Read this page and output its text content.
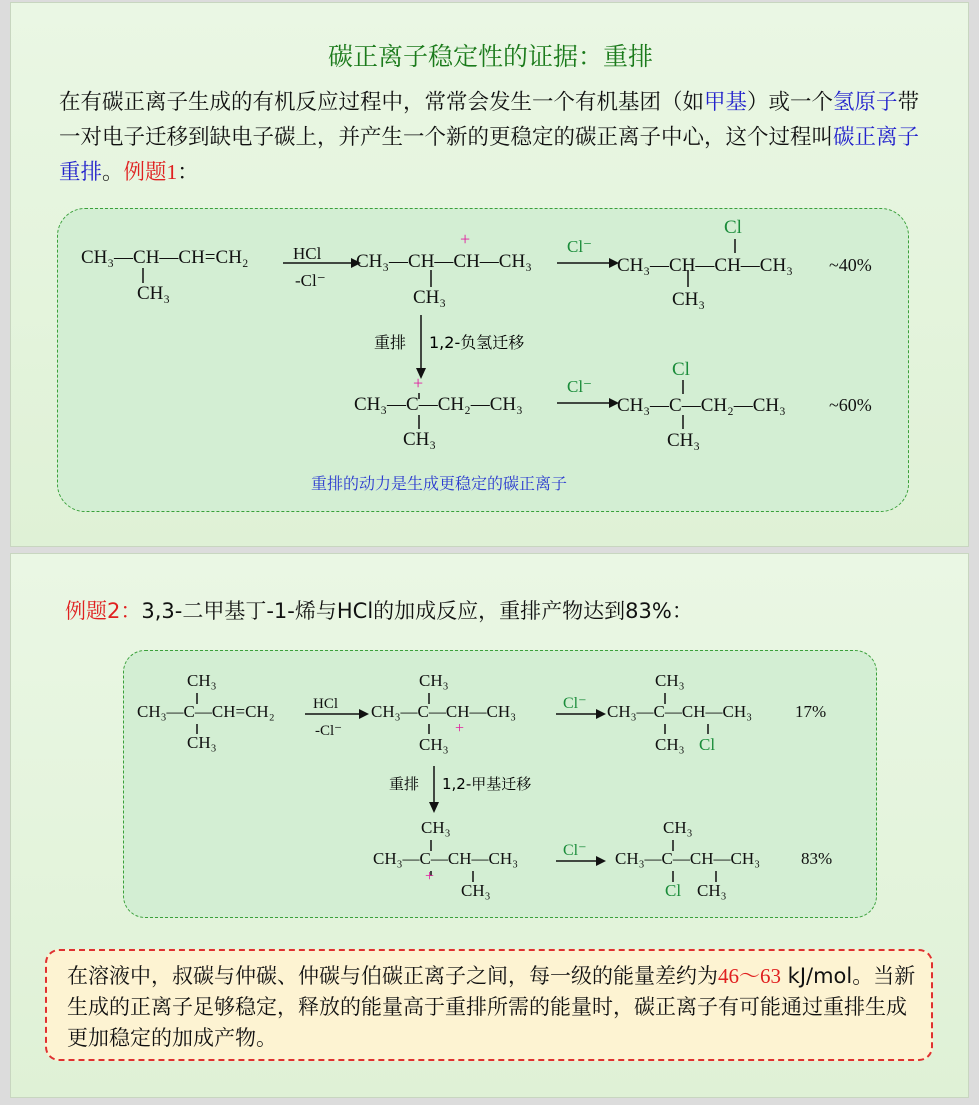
碳正离子稳定性的证据：重排
在有碳正离子生成的有机反应过程中，常常会发生一个有机基团（如甲基）或一个氢原子带一对电子迁移到缺电子碳上，并产生一个新的更稳定的碳正离子中心，这个过程叫碳正离子重排。例题1：
CH₃—CH—CH=CH₂
CH₃
HCl
-Cl⁻
CH₃—CH—CH—CH₃
+
CH₃
Cl⁻
CH₃—CH—CH—CH₃
Cl
CH₃
~40%
重排 1,2-负氢迁移
+
CH₃—C—CH₂—CH₃
CH₃
Cl⁻
Cl
CH₃—C—CH₂—CH₃
CH₃
~60%
重排的动力是生成更稳定的碳正离子
例题2：3,3-二甲基丁-1-烯与HCl的加成反应，重排产物达到83%：
CH₃
CH₃—C—CH=CH₂
CH₃
HCl
-Cl⁻
CH₃
CH₃—C—CH—CH₃
CH₃
+
Cl⁻
CH₃
CH₃—C—CH—CH₃
CH₃ Cl
17%
重排 1,2-甲基迁移
CH₃
CH₃—C—CH—CH₃
+
CH₃
Cl⁻
CH₃
CH₃—C—CH—CH₃
Cl CH₃
83%
在溶液中，叔碳与仲碳、仲碳与伯碳正离子之间，每一级的能量差约为46～63 kJ/mol。当新生成的正离子足够稳定，释放的能量高于重排所需的能量时，碳正离子有可能通过重排生成更加稳定的加成产物。
